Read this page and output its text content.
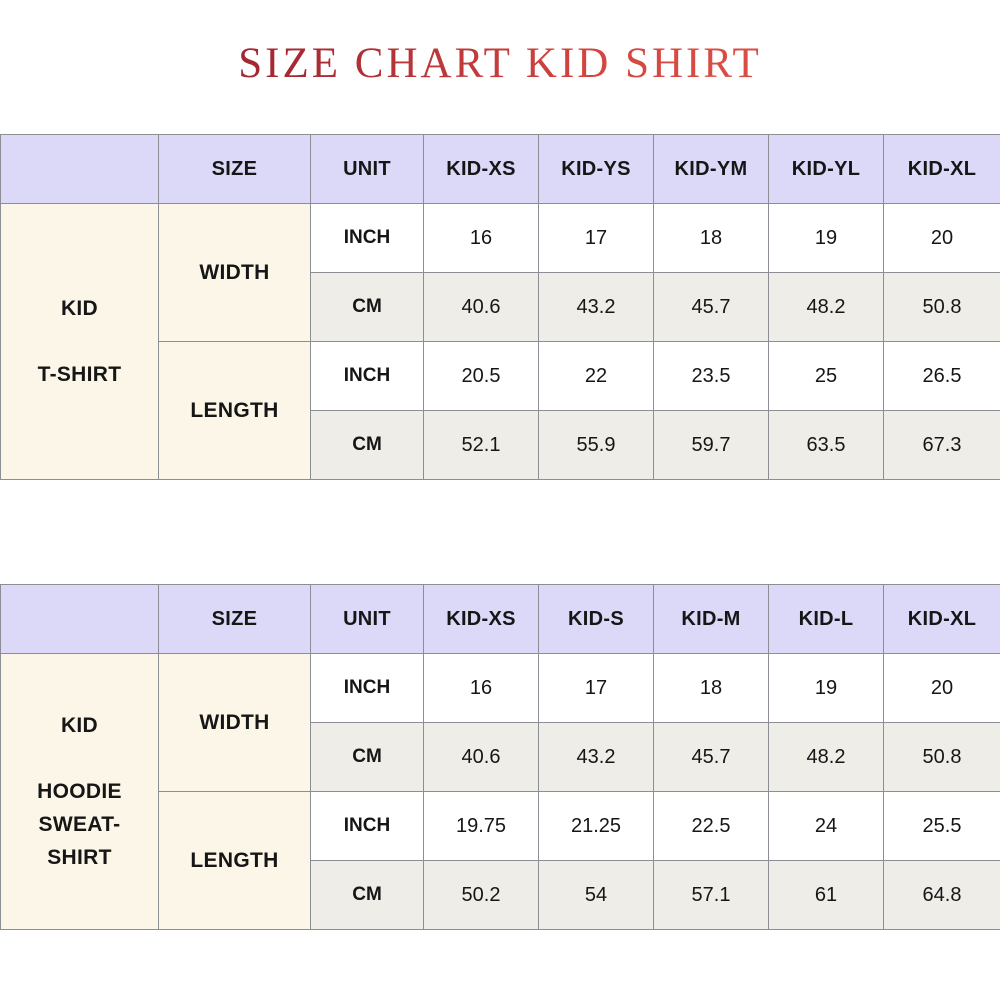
SIZE CHART KID SHIRT
	SIZE	UNIT	KID-XS	KID-YS	KID-YM	KID-YL	KID-XL

KID
T-SHIRT	WIDTH	INCH	16	17	18	19	20
		CM	40.6	43.2	45.7	48.2	50.8
	LENGTH	INCH	20.5	22	23.5	25	26.5
		CM	52.1	55.9	59.7	63.5	67.3
	SIZE	UNIT	KID-XS	KID-S	KID-M	KID-L	KID-XL

KID
HOODIE
SWEAT-
SHIRT	WIDTH	INCH	16	17	18	19	20
		CM	40.6	43.2	45.7	48.2	50.8
	LENGTH	INCH	19.75	21.25	22.5	24	25.5
		CM	50.2	54	57.1	61	64.8
